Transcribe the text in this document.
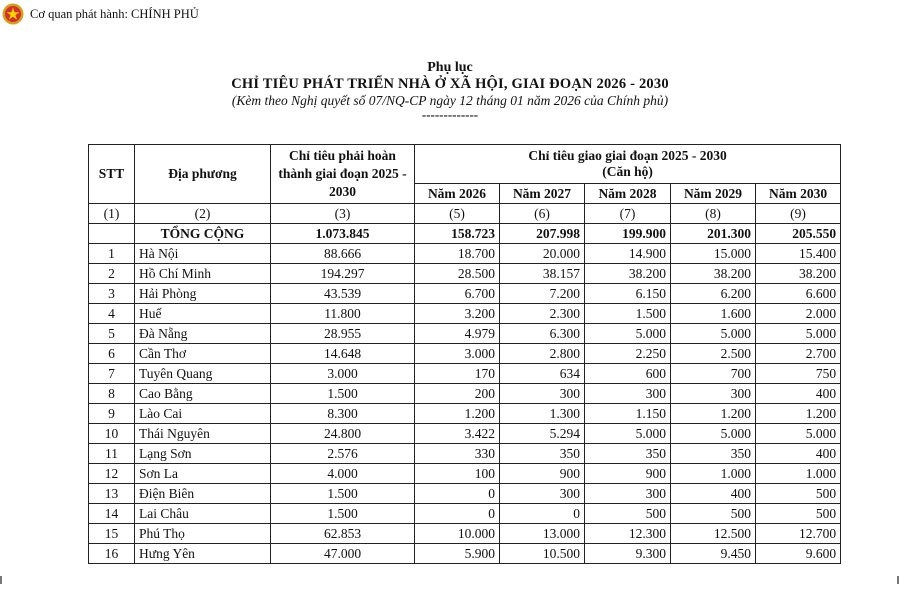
Cơ quan phát hành: CHÍNH PHỦ
Phụ lục
CHỈ TIÊU PHÁT TRIỂN NHÀ Ở XÃ HỘI, GIAI ĐOẠN 2026 - 2030
(Kèm theo Nghị quyết số 07/NQ-CP ngày 12 tháng 01 năm 2026 của Chính phủ)
-------------
STT	Địa phương	Chỉ tiêu phải hoàn thành giai đoạn 2025 - 2030	Chỉ tiêu giao giai đoạn 2025 - 2030
(Căn hộ)				

			Năm 2026	Năm 2027	Năm 2028	Năm 2029	Năm 2030
(1)	(2)	(3)	(5)	(6)	(7)	(8)	(9)
	TỔNG CỘNG	1.073.845	158.723	207.998	199.900	201.300	205.550
1	Hà Nội	88.666	18.700	20.000	14.900	15.000	15.400
2	Hồ Chí Minh	194.297	28.500	38.157	38.200	38.200	38.200
3	Hải Phòng	43.539	6.700	7.200	6.150	6.200	6.600
4	Huế	11.800	3.200	2.300	1.500	1.600	2.000
5	Đà Nẵng	28.955	4.979	6.300	5.000	5.000	5.000
6	Cần Thơ	14.648	3.000	2.800	2.250	2.500	2.700
7	Tuyên Quang	3.000	170	634	600	700	750
8	Cao Bằng	1.500	200	300	300	300	400
9	Lào Cai	8.300	1.200	1.300	1.150	1.200	1.200
10	Thái Nguyên	24.800	3.422	5.294	5.000	5.000	5.000
11	Lạng Sơn	2.576	330	350	350	350	400
12	Sơn La	4.000	100	900	900	1.000	1.000
13	Điện Biên	1.500	0	300	300	400	500
14	Lai Châu	1.500	0	0	500	500	500
15	Phú Thọ	62.853	10.000	13.000	12.300	12.500	12.700
16	Hưng Yên	47.000	5.900	10.500	9.300	9.450	9.600
